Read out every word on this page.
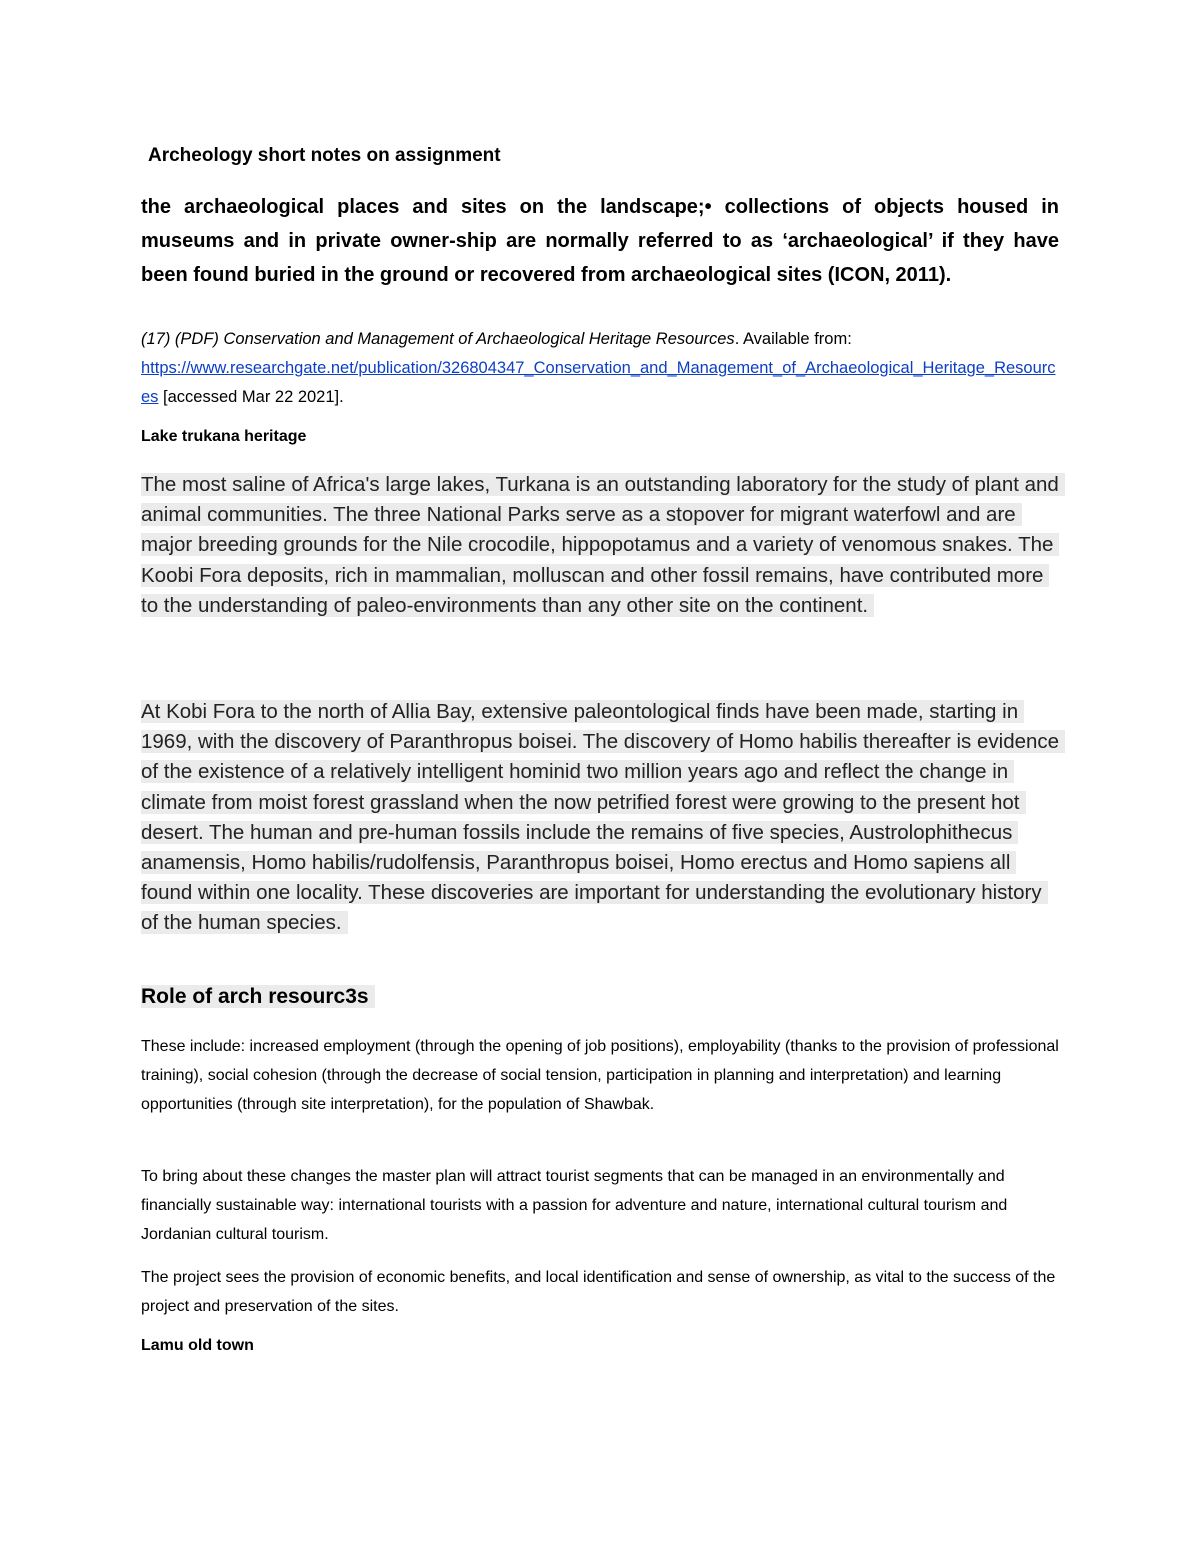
Archeology short notes on assignment
the archaeological places and sites on the landscape;• collections of objects housed in museums and in private owner-ship are normally referred to as ‘archaeological’ if they have been found buried in the ground or recovered from archaeological sites (ICON, 2011).
(17) (PDF) Conservation and Management of Archaeological Heritage Resources. Available from:
https://www.researchgate.net/publication/326804347_Conservation_and_Management_of_Archaeological_Heritage_Resources [accessed Mar 22 2021].
Lake trukana heritage
The most saline of Africa's large lakes, Turkana is an outstanding laboratory for the study of plant and animal communities. The three National Parks serve as a stopover for migrant waterfowl and are major breeding grounds for the Nile crocodile, hippopotamus and a variety of venomous snakes. The Koobi Fora deposits, rich in mammalian, molluscan and other fossil remains, have contributed more to the understanding of paleo-environments than any other site on the continent.
At Kobi Fora to the north of Allia Bay, extensive paleontological finds have been made, starting in 1969, with the discovery of Paranthropus boisei. The discovery of Homo habilis thereafter is evidence of the existence of a relatively intelligent hominid two million years ago and reflect the change in climate from moist forest grassland when the now petrified forest were growing to the present hot desert. The human and pre-human fossils include the remains of five species, Austrolophithecus anamensis, Homo habilis/rudolfensis, Paranthropus boisei, Homo erectus and Homo sapiens all found within one locality. These discoveries are important for understanding the evolutionary history of the human species.
Role of arch resourc3s
These include: increased employment (through the opening of job positions), employability (thanks to the provision of professional training), social cohesion (through the decrease of social tension, participation in planning and interpretation) and learning opportunities (through site interpretation), for the population of Shawbak.
To bring about these changes the master plan will attract tourist segments that can be managed in an environmentally and financially sustainable way: international tourists with a passion for adventure and nature, international cultural tourism and Jordanian cultural tourism.
The project sees the provision of economic benefits, and local identification and sense of ownership, as vital to the success of the project and preservation of the sites.
Lamu old town
